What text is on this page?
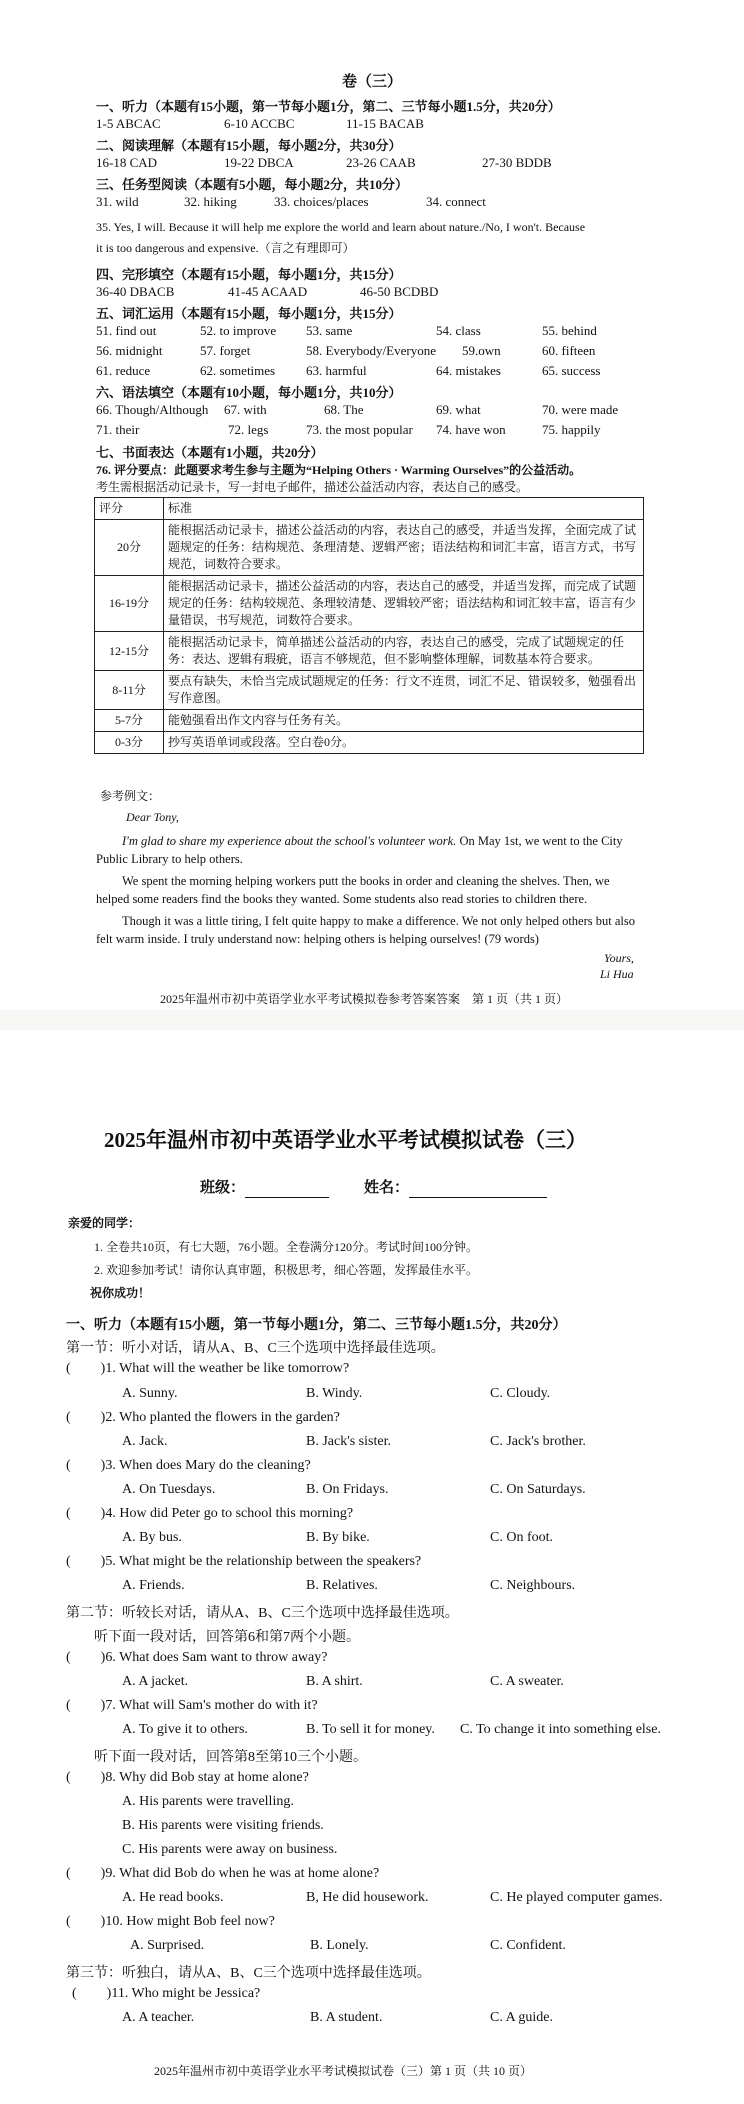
卷（三）
一、听力（本题有15小题，第一节每小题1分，第二、三节每小题1.5分，共20分）
1-5 ABCAC	6-10 ACCBC	11-15 BACAB
二、阅读理解（本题有15小题，每小题2分，共30分）
16-18 CAD	19-22 DBCA	23-26 CAAB	27-30 BDDB
三、任务型阅读（本题有5小题，每小题2分，共10分）
31. wild	32. hiking	33. choices/places	34. connect
35. Yes, I will. Because it will help me explore the world and learn about nature./No, I won't. Because
it is too dangerous and expensive.（言之有理即可）
四、完形填空（本题有15小题，每小题1分，共15分）
36-40 DBACB	41-45 ACAAD	46-50 BCDBD
五、词汇运用（本题有15小题，每小题1分，共15分）
51. find out	52. to improve 53. same	54. class	55. behind
56. midnight	57. forget	58. Everybody/Everyone 59.own	60. fifteen
61. reduce	62. sometimes 63. harmful	64. mistakes	65. success
六、语法填空（本题有10小题，每小题1分，共10分）
66. Though/Although 67. with	68. The	69. what	70. were made
71. their	72. legs	73. the most popular 74. have won	75. happily
七、书面表达（本题有1小题，共20分）
76. 评分要点：此题要求考生参与主题为“Helping Others · Warming Ourselves”的公益活动。
考生需根据活动记录卡，写一封电子邮件，描述公益活动内容，表达自己的感受。
评分	标准
20分	能根据活动记录卡，描述公益活动的内容，表达自己的感受，并适当发挥，全面完成了试题规定的任务：结构规范、条理清楚、逻辑严密；语法结构和词汇丰富，语言方式，书写规范，词数符合要求。
16-19分	能根据活动记录卡，描述公益活动的内容，表达自己的感受，并适当发挥，而完成了试题规定的任务：结构较规范、条理较清楚、逻辑较严密；语法结构和词汇较丰富，语言有少量错误，书写规范，词数符合要求。
12-15分	能根据活动记录卡，简单描述公益活动的内容，表达自己的感受，完成了试题规定的任务：表达、逻辑有瑕疵，语言不够规范，但不影响整体理解，词数基本符合要求。
8-11分	要点有缺失，未恰当完成试题规定的任务：行文不连贯，词汇不足、错误较多，勉强看出写作意图。
5-7分	能勉强看出作文内容与任务有关。
0-3分	抄写英语单词或段落。空白卷0分。
参考例文：
Dear Tony,
I'm glad to share my experience about the school's volunteer work. On May 1st, we went to the City Public Library to help others.
We spent the morning helping workers putt the books in order and cleaning the shelves. Then, we helped some readers find the books they wanted. Some students also read stories to children there.
Though it was a little tiring, I felt quite happy to make a difference. We not only helped others but also felt warm inside. I truly understand now: helping others is helping ourselves! (79 words)
Yours,
Li Hua
2025年温州市初中英语学业水平考试模拟卷参考答案答案　第 1 页（共 1 页）
2025年温州市初中英语学业水平考试模拟试卷（三）
班级：	姓名：
亲爱的同学：
1. 全卷共10页，有七大题，76小题。全卷满分120分。考试时间100分钟。
2. 欢迎参加考试！请你认真审题，积极思考，细心答题，发挥最佳水平。
祝你成功！
一、听力（本题有15小题，第一节每小题1分，第二、三节每小题1.5分，共20分）
第一节：听小对话，请从A、B、C三个选项中选择最佳选项。
( )1. What will the weather be like tomorrow?
A. Sunny.	B. Windy.	C. Cloudy.
( )2. Who planted the flowers in the garden?
A. Jack.	B. Jack's sister.	C. Jack's brother.
( )3. When does Mary do the cleaning?
A. On Tuesdays.	B. On Fridays.	C. On Saturdays.
( )4. How did Peter go to school this morning?
A. By bus.	B. By bike.	C. On foot.
( )5. What might be the relationship between the speakers?
A. Friends.	B. Relatives.	C. Neighbours.
第二节：听较长对话，请从A、B、C三个选项中选择最佳选项。
听下面一段对话，回答第6和第7两个小题。
( )6. What does Sam want to throw away?
A. A jacket.	B. A shirt.	C. A sweater.
( )7. What will Sam's mother do with it?
A. To give it to others.	B. To sell it for money. C. To change it into something else.
听下面一段对话，回答第8至第10三个小题。
( )8. Why did Bob stay at home alone?
A. His parents were travelling.
B. His parents were visiting friends.
C. His parents were away on business.
( )9. What did Bob do when he was at home alone?
A. He read books.	B, He did housework.	C. He played computer games.
( )10. How might Bob feel now?
A. Surprised.	B. Lonely.	C. Confident.
第三节：听独白，请从A、B、C三个选项中选择最佳选项。
( )11. Who might be Jessica?
A. A teacher.	B. A student.	C. A guide.
2025年温州市初中英语学业水平考试模拟试卷（三）第 1 页（共 10 页）
